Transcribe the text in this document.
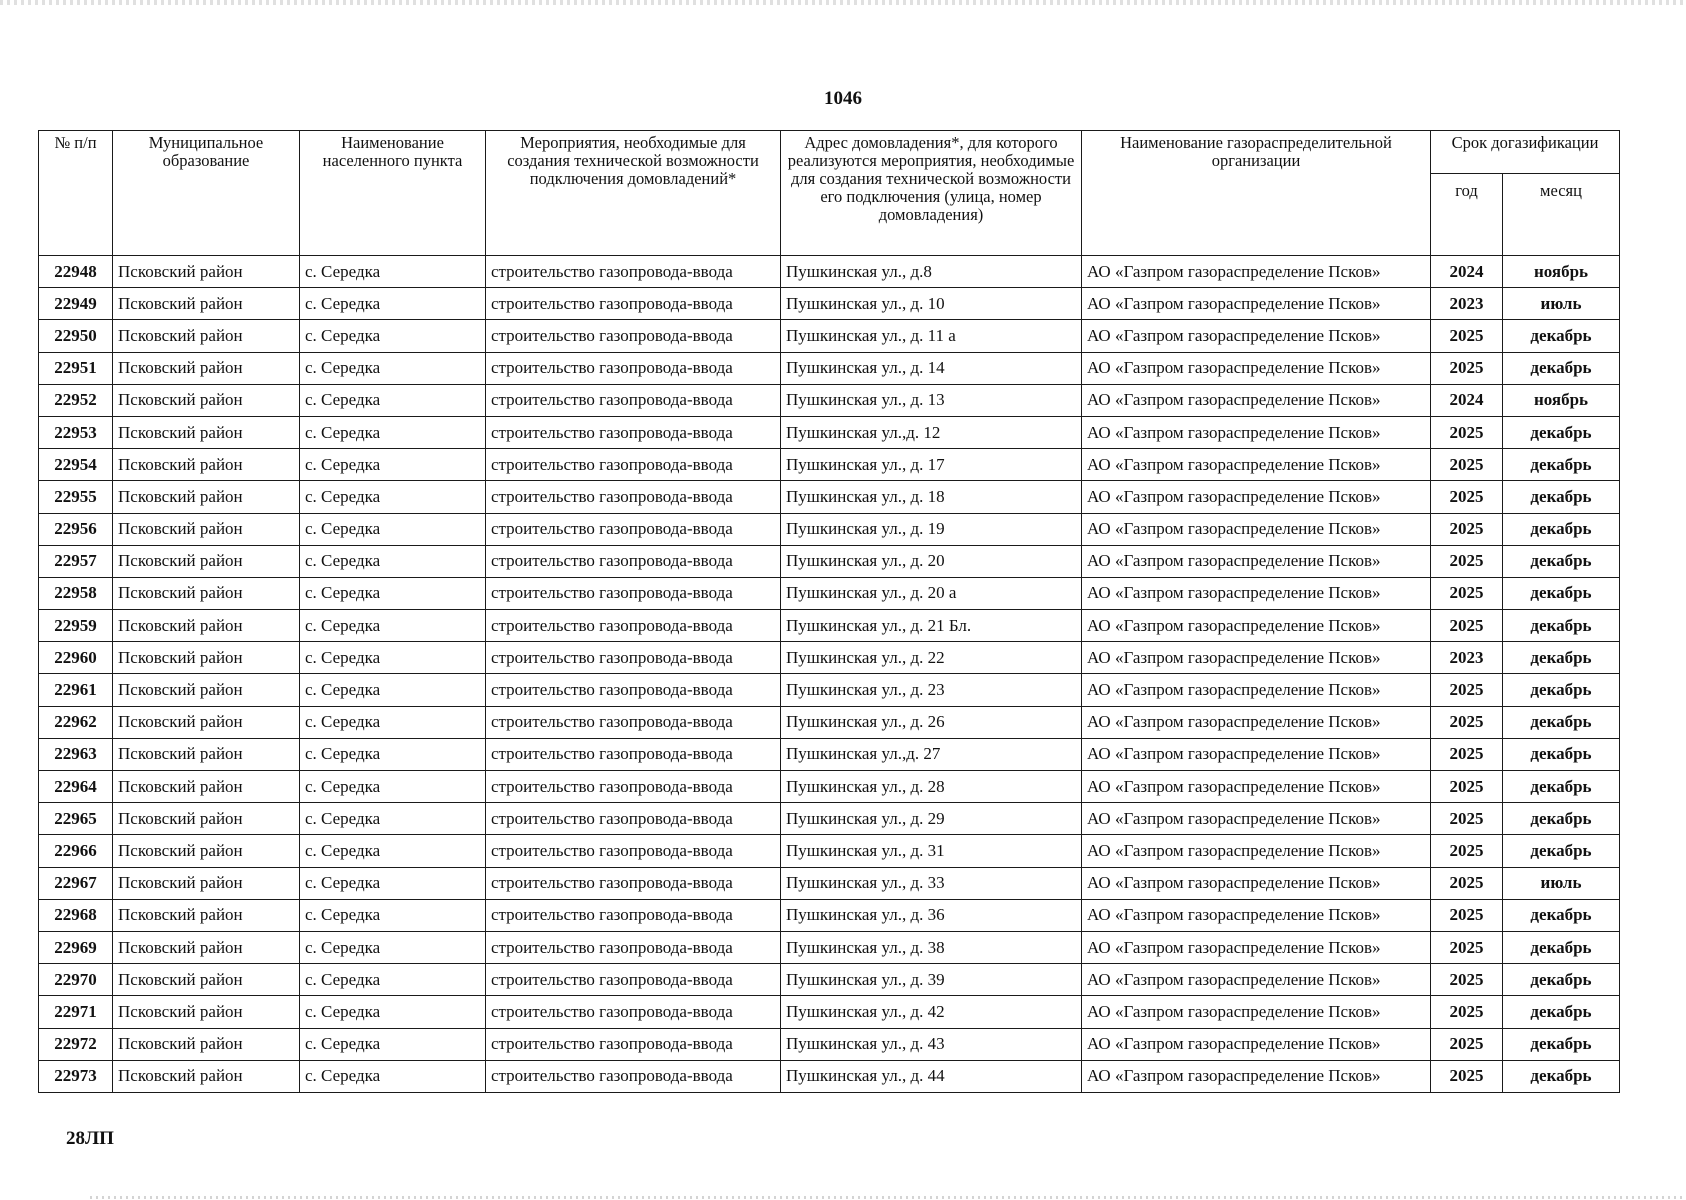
1046
№ п/п	Муниципальное образование	Наименование населенного пункта	Мероприятия, необходимые для создания технической возможности подключения домовладений*	Адрес домовладения*, для которого реализуются мероприятия, необходимые для создания технической возможности его подключения (улица, номер домовладения)	Наименование газораспределительной организации	Срок догазификации	
						год	месяц
22948	Псковский район	с. Середка	строительство газопровода-ввода	Пушкинская ул., д.8	АО «Газпром газораспределение Псков»	2024	ноябрь
22949	Псковский район	с. Середка	строительство газопровода-ввода	Пушкинская ул., д. 10	АО «Газпром газораспределение Псков»	2023	июль
22950	Псковский район	с. Середка	строительство газопровода-ввода	Пушкинская ул., д. 11 а	АО «Газпром газораспределение Псков»	2025	декабрь
22951	Псковский район	с. Середка	строительство газопровода-ввода	Пушкинская ул., д. 14	АО «Газпром газораспределение Псков»	2025	декабрь
22952	Псковский район	с. Середка	строительство газопровода-ввода	Пушкинская ул., д. 13	АО «Газпром газораспределение Псков»	2024	ноябрь
22953	Псковский район	с. Середка	строительство газопровода-ввода	Пушкинская ул.,д. 12	АО «Газпром газораспределение Псков»	2025	декабрь
22954	Псковский район	с. Середка	строительство газопровода-ввода	Пушкинская ул., д. 17	АО «Газпром газораспределение Псков»	2025	декабрь
22955	Псковский район	с. Середка	строительство газопровода-ввода	Пушкинская ул., д. 18	АО «Газпром газораспределение Псков»	2025	декабрь
22956	Псковский район	с. Середка	строительство газопровода-ввода	Пушкинская ул., д. 19	АО «Газпром газораспределение Псков»	2025	декабрь
22957	Псковский район	с. Середка	строительство газопровода-ввода	Пушкинская ул., д. 20	АО «Газпром газораспределение Псков»	2025	декабрь
22958	Псковский район	с. Середка	строительство газопровода-ввода	Пушкинская ул., д. 20 а	АО «Газпром газораспределение Псков»	2025	декабрь
22959	Псковский район	с. Середка	строительство газопровода-ввода	Пушкинская ул., д. 21 Бл.	АО «Газпром газораспределение Псков»	2025	декабрь
22960	Псковский район	с. Середка	строительство газопровода-ввода	Пушкинская ул., д. 22	АО «Газпром газораспределение Псков»	2023	декабрь
22961	Псковский район	с. Середка	строительство газопровода-ввода	Пушкинская ул., д. 23	АО «Газпром газораспределение Псков»	2025	декабрь
22962	Псковский район	с. Середка	строительство газопровода-ввода	Пушкинская ул., д. 26	АО «Газпром газораспределение Псков»	2025	декабрь
22963	Псковский район	с. Середка	строительство газопровода-ввода	Пушкинская ул.,д. 27	АО «Газпром газораспределение Псков»	2025	декабрь
22964	Псковский район	с. Середка	строительство газопровода-ввода	Пушкинская ул., д. 28	АО «Газпром газораспределение Псков»	2025	декабрь
22965	Псковский район	с. Середка	строительство газопровода-ввода	Пушкинская ул., д. 29	АО «Газпром газораспределение Псков»	2025	декабрь
22966	Псковский район	с. Середка	строительство газопровода-ввода	Пушкинская ул., д. 31	АО «Газпром газораспределение Псков»	2025	декабрь
22967	Псковский район	с. Середка	строительство газопровода-ввода	Пушкинская ул., д. 33	АО «Газпром газораспределение Псков»	2025	июль
22968	Псковский район	с. Середка	строительство газопровода-ввода	Пушкинская ул., д. 36	АО «Газпром газораспределение Псков»	2025	декабрь
22969	Псковский район	с. Середка	строительство газопровода-ввода	Пушкинская ул., д. 38	АО «Газпром газораспределение Псков»	2025	декабрь
22970	Псковский район	с. Середка	строительство газопровода-ввода	Пушкинская ул., д. 39	АО «Газпром газораспределение Псков»	2025	декабрь
22971	Псковский район	с. Середка	строительство газопровода-ввода	Пушкинская ул., д. 42	АО «Газпром газораспределение Псков»	2025	декабрь
22972	Псковский район	с. Середка	строительство газопровода-ввода	Пушкинская ул., д. 43	АО «Газпром газораспределение Псков»	2025	декабрь
22973	Псковский район	с. Середка	строительство газопровода-ввода	Пушкинская ул., д. 44	АО «Газпром газораспределение Псков»	2025	декабрь
28ЛП
